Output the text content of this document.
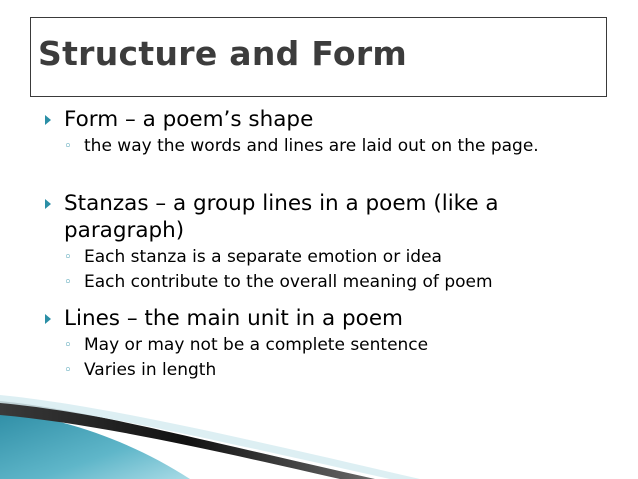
Structure and Form
Form – a poem’s shape
◦ the way the words and lines are laid out on the page.
Stanzas – a group lines in a poem (like a paragraph)
◦ Each stanza is a separate emotion or idea
◦ Each contribute to the overall meaning of poem
Lines – the main unit in a poem
◦ May or may not be a complete sentence
◦ Varies in length
